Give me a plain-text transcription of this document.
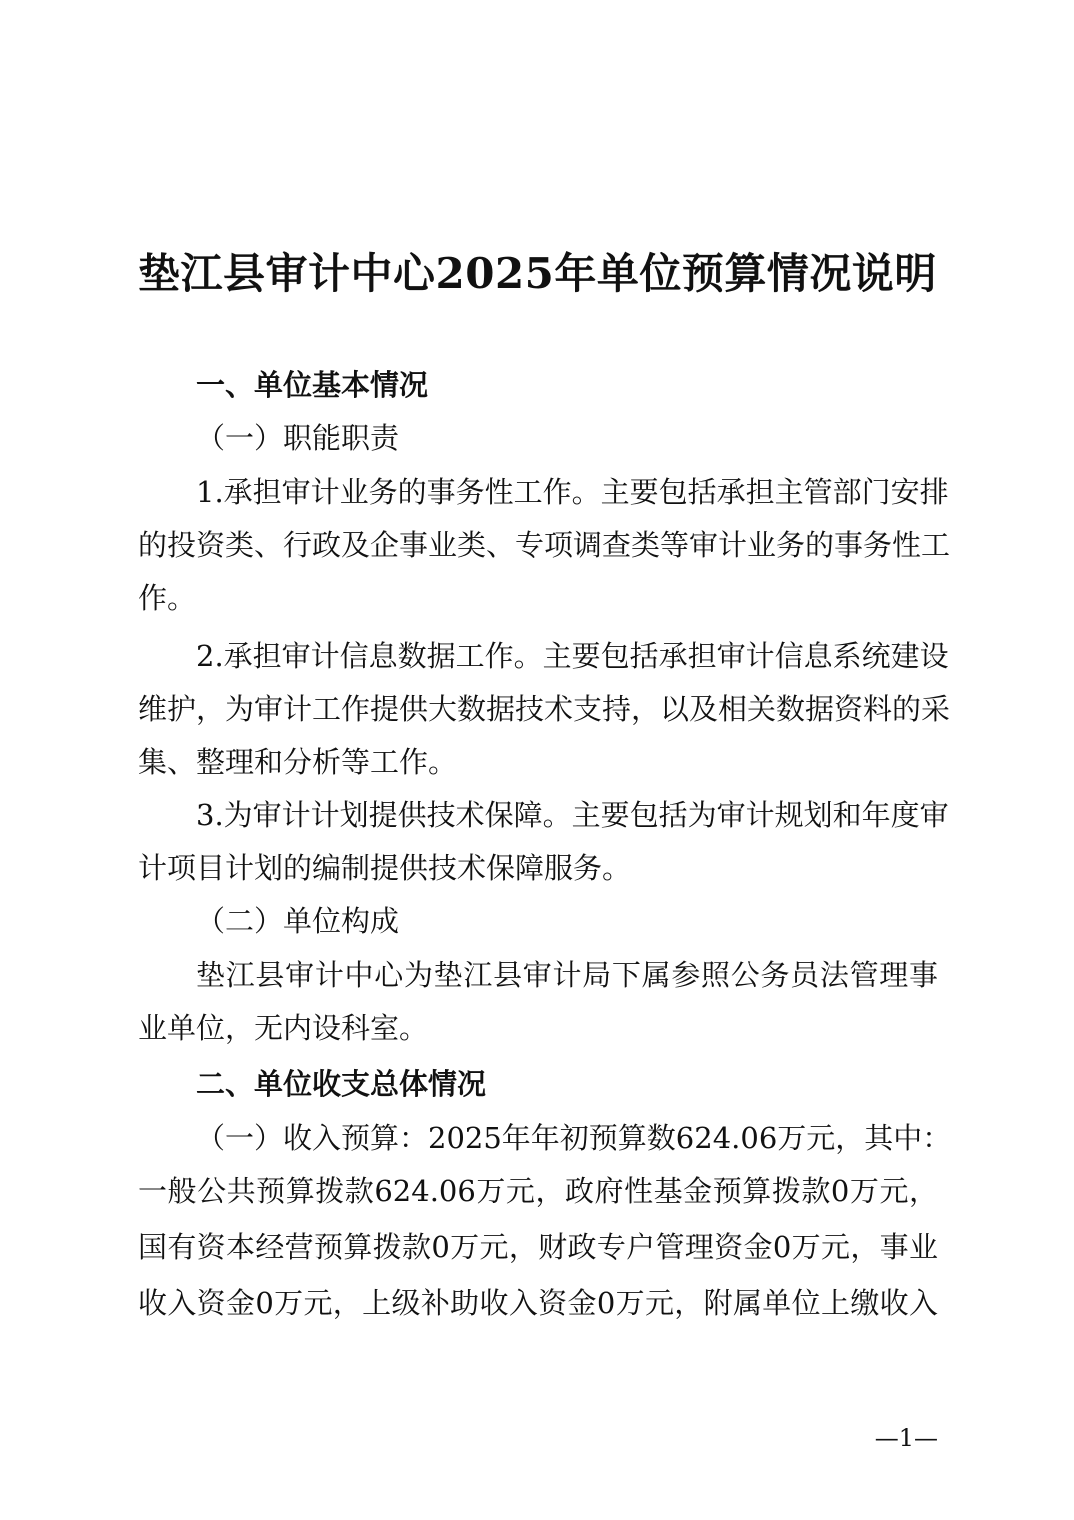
垫江县审计中心2025年单位预算情况说明

一、单位基本情况

（一）职能职责

1.承担审计业务的事务性工作。主要包括承担主管部门安排

的投资类、行政及企事业类、专项调查类等审计业务的事务性工

作。

2.承担审计信息数据工作。主要包括承担审计信息系统建设

维护，为审计工作提供大数据技术支持，以及相关数据资料的采

集、整理和分析等工作。

3.为审计计划提供技术保障。主要包括为审计规划和年度审

计项目计划的编制提供技术保障服务。

（二）单位构成

垫江县审计中心为垫江县审计局下属参照公务员法管理事

业单位，无内设科室。

二、单位收支总体情况

（一）收入预算：2025年年初预算数624.06万元，其中：

一般公共预算拨款624.06万元，政府性基金预算拨款0万元，

国有资本经营预算拨款0万元，财政专户管理资金0万元，事业

收入资金0万元，上级补助收入资金0万元，附属单位上缴收入

—1—
